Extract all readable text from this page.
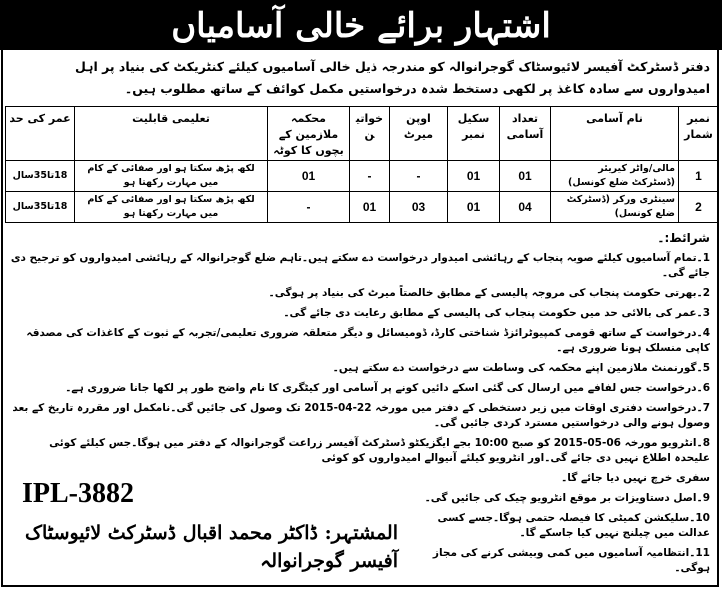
اشتہار برائے خالی آسامیاں
دفتر ڈسٹرکٹ آفیسر لائیوسٹاک گوجرانوالہ کو مندرجہ ذیل خالی آسامیوں کیلئے کنٹریکٹ کی بنیاد پر اہل امیدواروں سے سادہ کاغذ پر لکھی دستخط شدہ درخواستیں مکمل کوائف کے ساتھ مطلوب ہیں۔
نمبر شمار	نام آسامی	تعداد آسامی	سکیل نمبر	اوپن میرٹ	خواتین	محکمہ ملازمین کے بچوں کا کوٹہ	تعلیمی قابلیت	عمر کی حد
1	مالی/واٹر کیریئر (ڈسٹرکٹ ضلع کونسل)	01	01	-	-	01	لکھ پڑھ سکتا ہو اور صفائی کے کام میں مہارت رکھتا ہو	18تا35سال
2	سینٹری ورکر (ڈسٹرکٹ ضلع کونسل)	04	01	03	01	-	لکھ پڑھ سکتا ہو اور صفائی کے کام میں مہارت رکھتا ہو	18تا35سال
شرائط:۔
1۔تمام آسامیوں کیلئے صوبہ پنجاب کے رہائشی امیدوار درخواست دے سکتے ہیں۔تاہم ضلع گوجرانوالہ کے رہائشی امیدواروں کو ترجیح دی جائے گی۔
2۔بھرتی حکومت پنجاب کی مروجہ پالیسی کے مطابق خالصتاً میرٹ کی بنیاد پر ہوگی۔
3۔عمر کی بالائی حد میں حکومت پنجاب کی پالیسی کے مطابق رعایت دی جائے گی۔
4۔درخواست کے ساتھ قومی کمپیوٹرائزڈ شناختی کارڈ، ڈومیسائل و دیگر متعلقہ ضروری تعلیمی/تجربہ کے ثبوت کے کاغذات کی مصدقہ کاپی منسلک ہونا ضروری ہے۔
5۔گورنمنٹ ملازمین اپنے محکمہ کی وساطت سے درخواست دے سکتے ہیں۔
6۔درخواست جس لفافے میں ارسال کی گئی اسکے دائیں کونے پر آسامی اور کیٹگری کا نام واضح طور پر لکھا جانا ضروری ہے۔
7۔درخواست دفتری اوقات میں زیر دستخطی کے دفتر میں مورخہ 22-04-2015 تک وصول کی جائیں گی۔نامکمل اور مقررہ تاریخ کے بعد وصول ہونے والی درخواستیں مسترد کردی جائیں گی۔
8۔انٹرویو مورخہ 06-05-2015 کو صبح 10:00 بجے ایگزیکٹو ڈسٹرکٹ آفیسر زراعت گوجرانوالہ کے دفتر میں ہوگا۔جس کیلئے کوئی علیحدہ اطلاع نہیں دی جائے گی۔اور انٹرویو کیلئے آنیوالے امیدواروں کو کوئی
سفری خرچ نہیں دیا جائے گا۔
9۔اصل دستاویزات بر موقع انٹرویو چیک کی جائیں گی۔
10۔سلیکشن کمیٹی کا فیصلہ حتمی ہوگا۔جسے کسی عدالت میں چیلنج نہیں کیا جاسکے گا۔
11۔انتظامیہ آسامیوں میں کمی وبیشی کرنے کی مجاز ہوگی۔
IPL-3882
المشتہر: ڈاکٹر محمد اقبال ڈسٹرکٹ لائیوسٹاک آفیسر گوجرانوالہ
